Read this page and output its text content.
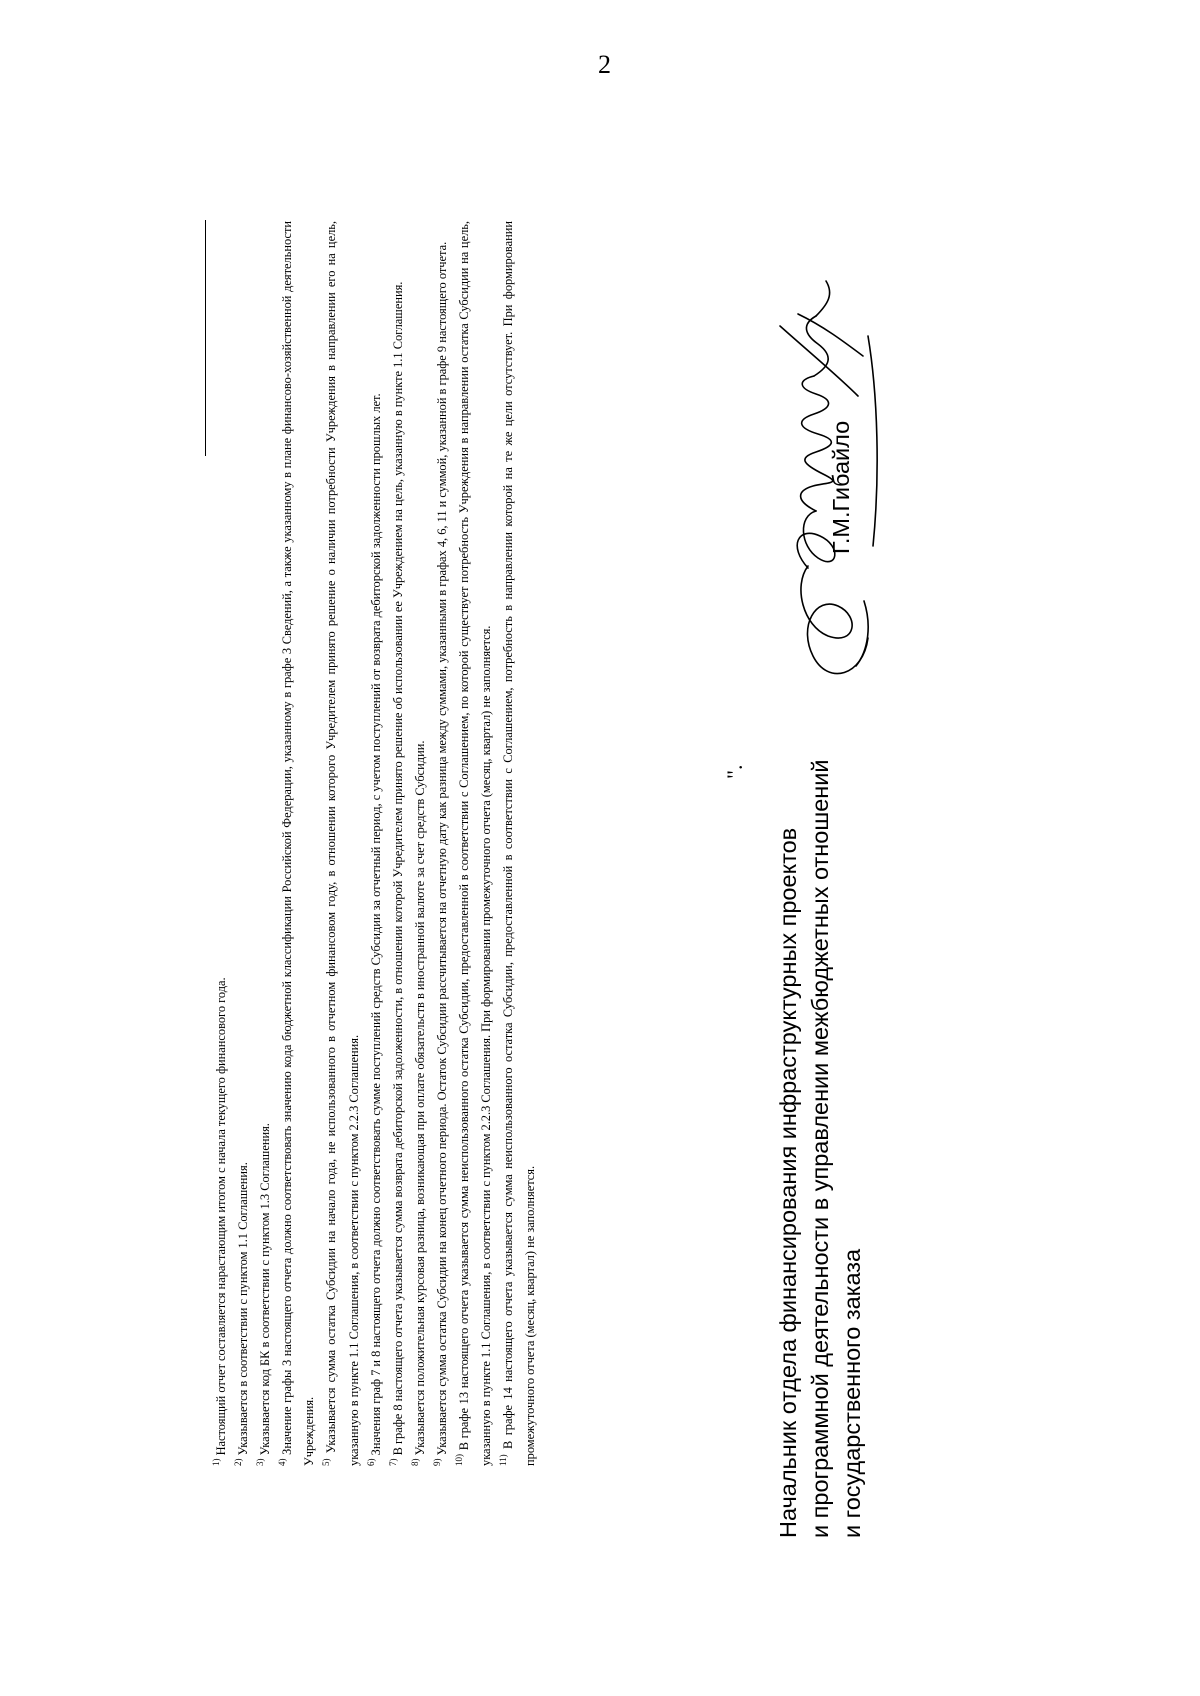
2

$^{1)}$ Настоящий отчет составляется нарастающим итогом с начала текущего финансового года.

$^{2)}$ Указывается в соответствии с пунктом 1.1 Соглашения.

$^{3)}$ Указывается код БК в соответствии с пунктом 1.3 Соглашения.

$^{4)}$ Значение графы 3 настоящего отчета должно соответствовать значению кода бюджетной классификации Российской Федерации, указанному в графе 3 Сведений, а также указанному в плане финансово-хозяйственной деятельности Учреждения. $^{5)}$ Указывается сумма остатка Субсидии на начало года, не использованного в отчетном финансовом году, в отношении которого Учредителем принято решение о наличии потребности Учреждения в направлении его на цель, указанную в пункте 1.1 Соглашения, в соответствии с пунктом 2.2.3 Соглашения. $^{6)}$ Значения граф 7 и 8 настоящего отчета должно соответствовать сумме поступлений средств Субсидии за отчетный период, с учетом поступлений от возврата дебиторской задолженности прошлых лет.

$^{7)}$ В графе 8 настоящего отчета указывается сумма возврата дебиторской задолженности, в отношении которой Учредителем принято решение об использовании ее Учреждением на цель, указанную в пункте 1.1 Соглашения.

$^{8)}$ Указывается положительная курсовая разница, возникающая при оплате обязательств в иностранной валюте за счет средств Субсидии.

$^{9)}$ Указывается сумма остатка Субсидии на конец отчетного периода. Остаток Субсидии рассчитывается на отчетную дату как разница между суммами, указанными в графах 4, 6, 11 и суммой, указанной в графе 9 настоящего отчета.

$^{10)}$ В графе 13 настоящего отчета указывается сумма неиспользованного остатка Субсидии, предоставленной в соответствии с Соглашением, по которой существует потребность Учреждения в направлении остатка Субсидии на цель, указанную в пункте 1.1 Соглашения, в соответствии с пунктом 2.2.3 Соглашения. При формировании промежуточного отчета (месяц, квартал) не заполняется. $^{11)}$ В графе 14 настоящего отчета указывается сумма неиспользованного остатка Субсидии, предоставленной в соответствии с Соглашением, потребность в направлении которой на те же цели отсутствует. При формировании промежуточного отчета (месяц, квартал) не заполняется.

".
Начальник отдела финансирования инфраструктурных проектов и программной деятельности в управлении межбюджетных отношений и государственного заказа
Г.М.Гибайло
